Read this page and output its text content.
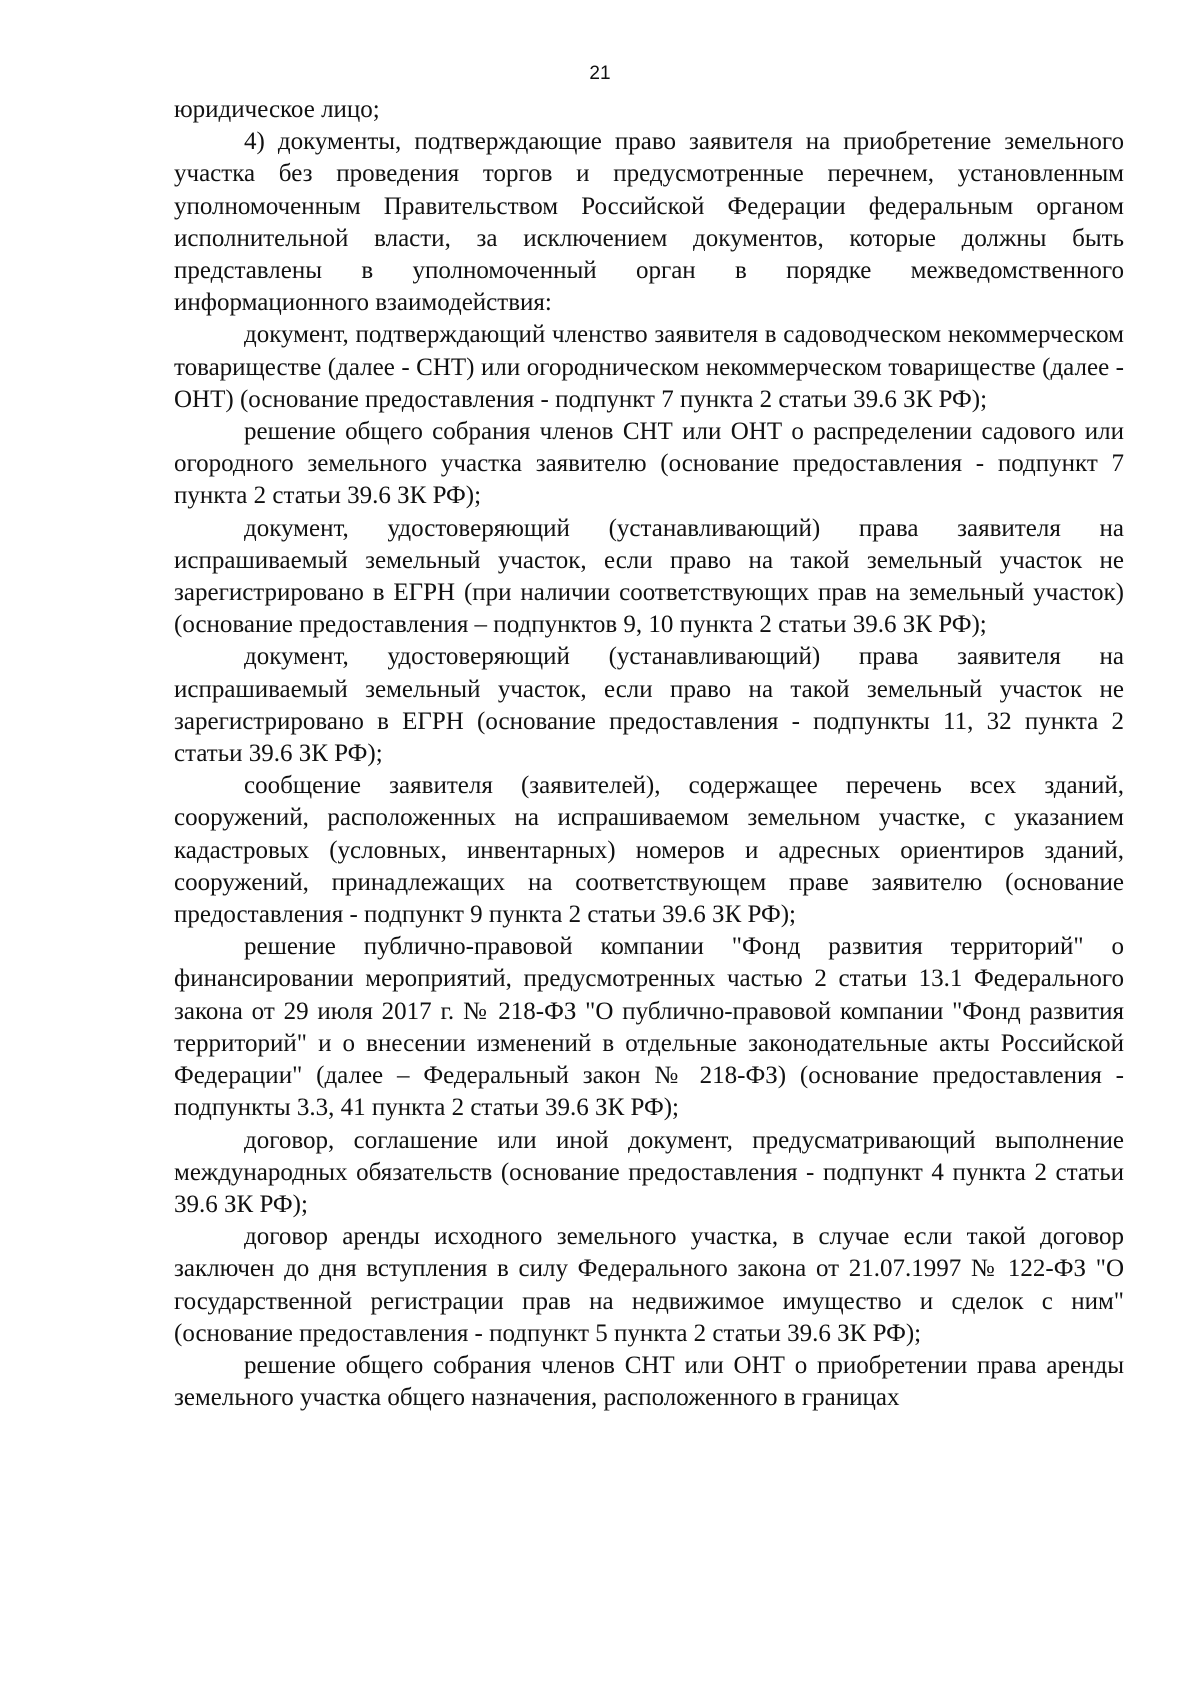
21

юридическое лицо;

4) документы, подтверждающие право заявителя на приобретение земельного участка без проведения торгов и предусмотренные перечнем, установленным уполномоченным Правительством Российской Федерации федеральным органом исполнительной власти, за исключением документов, которые должны быть представлены в уполномоченный орган в порядке межведомственного информационного взаимодействия:

документ, подтверждающий членство заявителя в садоводческом некоммерческом товариществе (далее - СНТ) или огородническом некоммерческом товариществе (далее - ОНТ) (основание предоставления - подпункт 7 пункта 2 статьи 39.6 ЗК РФ);

решение общего собрания членов СНТ или ОНТ о распределении садового или огородного земельного участка заявителю (основание предоставления - подпункт 7 пункта 2 статьи 39.6 ЗК РФ);

документ, удостоверяющий (устанавливающий) права заявителя на испрашиваемый земельный участок, если право на такой земельный участок не зарегистрировано в ЕГРН (при наличии соответствующих прав на земельный участок) (основание предоставления – подпунктов 9, 10 пункта 2 статьи 39.6 ЗК РФ);

документ, удостоверяющий (устанавливающий) права заявителя на испрашиваемый земельный участок, если право на такой земельный участок не зарегистрировано в ЕГРН (основание предоставления - подпункты 11, 32 пункта 2 статьи 39.6 ЗК РФ);

сообщение заявителя (заявителей), содержащее перечень всех зданий, сооружений, расположенных на испрашиваемом земельном участке, с указанием кадастровых (условных, инвентарных) номеров и адресных ориентиров зданий, сооружений, принадлежащих на соответствующем праве заявителю (основание предоставления - подпункт 9 пункта 2 статьи 39.6 ЗК РФ);

решение публично-правовой компании "Фонд развития территорий" о финансировании мероприятий, предусмотренных частью 2 статьи 13.1 Федерального закона от 29 июля 2017 г. № 218-ФЗ "О публично-правовой компании "Фонд развития территорий" и о внесении изменений в отдельные законодательные акты Российской Федерации" (далее – Федеральный закон № 218-ФЗ) (основание предоставления - подпункты 3.3, 41 пункта 2 статьи 39.6 ЗК РФ);

договор, соглашение или иной документ, предусматривающий выполнение международных обязательств (основание предоставления - подпункт 4 пункта 2 статьи 39.6 ЗК РФ);

договор аренды исходного земельного участка, в случае если такой договор заключен до дня вступления в силу Федерального закона от 21.07.1997 № 122-ФЗ "О государственной регистрации прав на недвижимое имущество и сделок с ним" (основание предоставления - подпункт 5 пункта 2 статьи 39.6 ЗК РФ);

решение общего собрания членов СНТ или ОНТ о приобретении права аренды земельного участка общего назначения, расположенного в границах
